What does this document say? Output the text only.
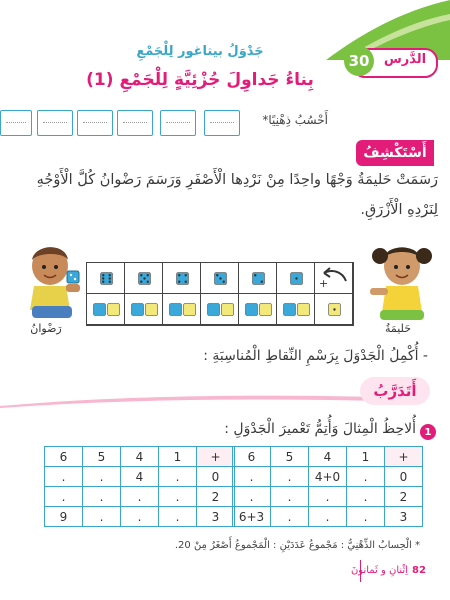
30	الدَّرس
جَدْوَلُ بيتاغور لِلْجَمْعِ
بِناءُ جَداوِلَ جُزْئِيَّةٍ لِلْجَمْعِ (1)
أَحْسُبُ ذِهْنِيًا*
أَسْتَكْشِفُ
رَسَمَتْ حَليمَةُ وَجْهًا واحِدًا مِنْ نَرْدِها الْأَصْفَرِ وَرَسَمَ رَضْوانُ كُلَّ الْأَوْجُهِ لِنَرْدِهِ الْأَزْرَقِ.
رَضْوانُ
+
حَليمَةُ
- أُكْمِلُ الْجَدْوَلَ بِرَسْمِ النِّقاطِ الْمُناسِبَةِ :
أَتَدَرَّبُ
1
أُلاحِظُ الْمِثالَ وَأُتِمُّ تَعْميرَ الْجَدْوَلِ :
6	5	4	1	+
.	.	4	.	0
.	.	.	.	2
9	.	.	.	3
6	5	4	1	+
.	.	4+0	.	0
.	.	.	.	2
6+3	.	.	.	3
* الْحِسابُ الذِّهْنِيُّ : مَجْموعُ عَدَدَيْنِ : الْمَجْموعُ أَصْغَرُ مِنْ 20.
اِثْنانِ و ثَمانونَ 82
